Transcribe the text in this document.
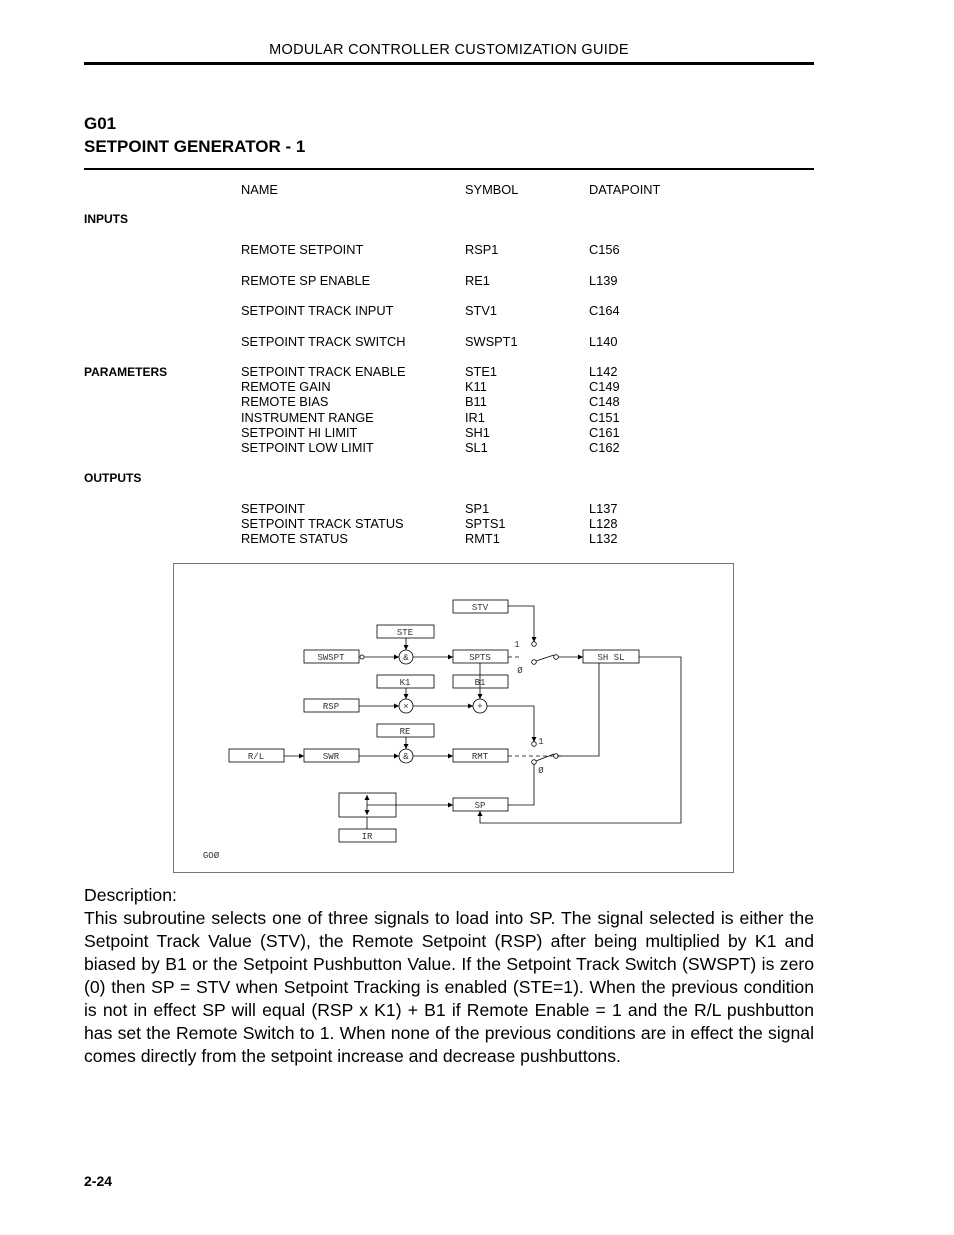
MODULAR CONTROLLER CUSTOMIZATION GUIDE
G01
SETPOINT GENERATOR - 1
NAME	SYMBOL	DATAPOINT
INPUTS
REMOTE SETPOINT	RSP1	C156
REMOTE SP ENABLE	RE1	L139
SETPOINT TRACK INPUT	STV1	C164
SETPOINT TRACK SWITCH	SWSPT1	L140
PARAMETERS	SETPOINT TRACK ENABLE	STE1	L142
REMOTE GAIN	K11	C149
REMOTE BIAS	B11	C148
INSTRUMENT RANGE	IR1	C151
SETPOINT HI LIMIT	SH1	C161
SETPOINT LOW LIMIT	SL1	C162
OUTPUTS
SETPOINT	SP1	L137
SETPOINT TRACK STATUS	SPTS1	L128
REMOTE STATUS	RMT1	L132
STV
STE
SWSPT	&	SPTS	SH SL
K1	B1
RSP	×	+
RE
R/L	SWR	&	RMT
SP
IR
1
Ø
1
Ø
GOØ
Description:
This subroutine selects one of three signals to load into SP. The signal selected is either the Setpoint Track Value (STV), the Remote Setpoint (RSP) after being multiplied by K1 and biased by B1 or the Setpoint Pushbutton Value. If the Setpoint Track Switch (SWSPT) is zero (0) then SP = STV when Setpoint Tracking is enabled (STE=1). When the previous condition is not in effect SP will equal (RSP x K1) + B1 if Remote Enable = 1 and the R/L pushbutton has set the Remote Switch to 1. When none of the previous conditions are in effect the signal comes directly from the setpoint increase and decrease pushbuttons.
2-24
